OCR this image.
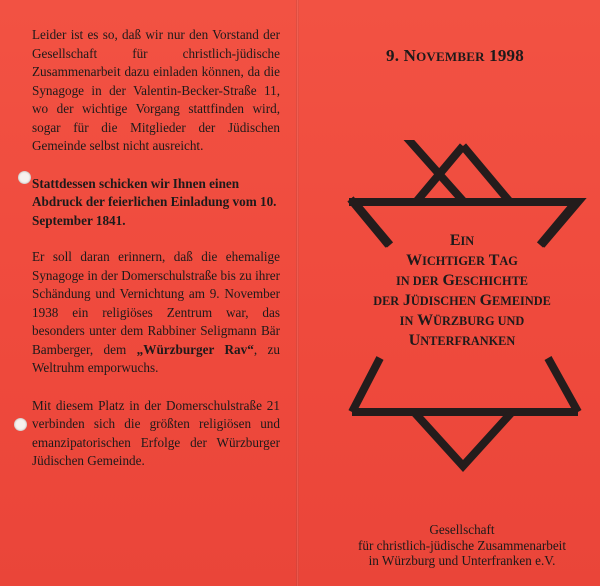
Leider ist es so, daß wir nur den Vorstand der Gesellschaft für christlich-jüdische Zusammenarbeit dazu einladen können, da die Synagoge in der Valentin-Becker-Straße 11, wo der wichtige Vorgang stattfinden wird, sogar für die Mitglieder der Jüdischen Gemeinde selbst nicht ausreicht.

Stattdessen schicken wir Ihnen einen Abdruck der feierlichen Einladung vom 10. September 1841.

Er soll daran erinnern, daß die ehemalige Synagoge in der Domerschulstraße bis zu ihrer Schändung und Vernichtung am 9. November 1938 ein religiöses Zentrum war, das besonders unter dem Rabbiner Seligmann Bär Bamberger, dem „Würzburger Rav“, zu Weltruhm emporwuchs.

Mit diesem Platz in der Domerschulstraße 21 verbinden sich die größten religiösen und emanzipatorischen Erfolge der Würzburger Jüdischen Gemeinde.

9. NOVEMBER 1998
EIN
WICHTIGER TAG
IN DER GESCHICHTE
DER JÜDISCHEN GEMEINDE
IN WÜRZBURG UND
UNTERFRANKEN
Gesellschaft
für christlich-jüdische Zusammenarbeit
in Würzburg und Unterfranken e.V.
